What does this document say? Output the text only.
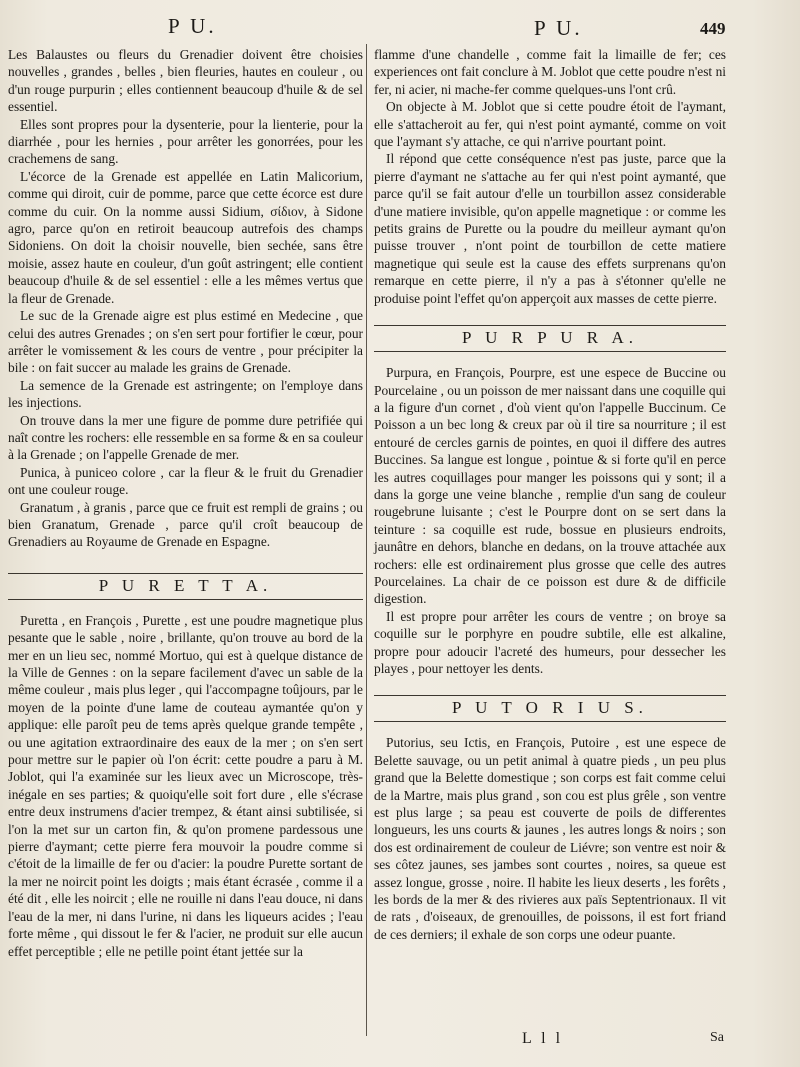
P U.	P U.	449

Les Balaustes ou fleurs du Grenadier doivent être choisies nouvelles , grandes , belles , bien fleuries, hautes en couleur , ou d'un rouge purpurin ; elles contiennent beaucoup d'huile & de sel essentiel.

Elles sont propres pour la dysenterie, pour la lienterie, pour la diarrhée , pour les hernies , pour arrêter les gonorrées, pour les crachemens de sang.

L'écorce de la Grenade est appellée en Latin Malicorium, comme qui diroit, cuir de pomme, parce que cette écorce est dure comme du cuir. On la nomme aussi Sidium, σίδιον, à Sidone agro, parce qu'on en retiroit beaucoup autrefois des champs Sidoniens. On doit la choisir nouvelle, bien sechée, sans être moisie, assez haute en couleur, d'un goût astringent; elle contient beaucoup d'huile & de sel essentiel : elle a les mêmes vertus que la fleur de Grenade.

Le suc de la Grenade aigre est plus estimé en Medecine , que celui des autres Grenades ; on s'en sert pour fortifier le cœur, pour arrêter le vomissement & les cours de ventre , pour précipiter la bile : on fait succer au malade les grains de Grenade.

La semence de la Grenade est astringente; on l'employe dans les injections.

On trouve dans la mer une figure de pomme dure petrifiée qui naît contre les rochers: elle ressemble en sa forme & en sa couleur à la Grenade ; on l'appelle Grenade de mer.

Punica, à puniceo colore , car la fleur & le fruit du Grenadier ont une couleur rouge.

Granatum , à granis , parce que ce fruit est rempli de grains ; ou bien Granatum, Grenade , parce qu'il croît beaucoup de Grenadiers au Royaume de Grenade en Espagne.

P U R E T T A.

Puretta , en François , Purette , est une poudre magnetique plus pesante que le sable , noire , brillante, qu'on trouve au bord de la mer en un lieu sec, nommé Mortuo, qui est à quelque distance de la Ville de Gennes : on la separe facilement d'avec un sable de la même couleur , mais plus leger , qui l'accompagne toûjours, par le moyen de la pointe d'une lame de couteau aymantée qu'on y applique: elle paroît peu de tems après quelque grande tempête , ou une agitation extraordinaire des eaux de la mer ; on s'en sert pour mettre sur le papier où l'on écrit: cette poudre a paru à M. Joblot, qui l'a examinée sur les lieux avec un Microscope, très-inégale en ses parties; & quoiqu'elle soit fort dure , elle s'écrase entre deux instrumens d'acier trempez, & étant ainsi subtilisée, si l'on la met sur un carton fin, & qu'on promene pardessous une pierre d'aymant; cette pierre fera mouvoir la poudre comme si c'étoit de la limaille de fer ou d'acier: la poudre Purette sortant de la mer ne noircit point les doigts ; mais étant écrasée , comme il a été dit , elle les noircit ; elle ne rouille ni dans l'eau douce, ni dans l'eau de la mer, ni dans l'urine, ni dans les liqueurs acides ; l'eau forte même , qui dissout le fer & l'acier, ne produit sur elle aucun effet perceptible ; elle ne petille point étant jettée sur la

flamme d'une chandelle , comme fait la limaille de fer; ces experiences ont fait conclure à M. Joblot que cette poudre n'est ni fer, ni acier, ni mache-fer comme quelques-uns l'ont crû.

On objecte à M. Joblot que si cette poudre étoit de l'aymant, elle s'attacheroit au fer, qui n'est point aymanté, comme on voit que l'aymant s'y attache, ce qui n'arrive pourtant point.

Il répond que cette conséquence n'est pas juste, parce que la pierre d'aymant ne s'attache au fer qui n'est point aymanté, que parce qu'il se fait autour d'elle un tourbillon assez considerable d'une matiere invisible, qu'on appelle magnetique : or comme les petits grains de Purette ou la poudre du meilleur aymant qu'on puisse trouver , n'ont point de tourbillon de cette matiere magnetique qui seule est la cause des effets surprenans qu'on remarque en cette pierre, il n'y a pas à s'étonner qu'elle ne produise point l'effet qu'on apperçoit aux masses de cette pierre.

P U R P U R A.

Purpura, en François, Pourpre, est une espece de Buccine ou Pourcelaine , ou un poisson de mer naissant dans une coquille qui a la figure d'un cornet , d'où vient qu'on l'appelle Buccinum. Ce Poisson a un bec long & creux par où il tire sa nourriture ; il est entouré de cercles garnis de pointes, en quoi il differe des autres Buccines. Sa langue est longue , pointue & si forte qu'il en perce les autres coquillages pour manger les poissons qui y sont; il a dans la gorge une veine blanche , remplie d'un sang de couleur rougebrune luisante ; c'est le Pourpre dont on se sert dans la teinture : sa coquille est rude, bossue en plusieurs endroits, jaunâtre en dehors, blanche en dedans, on la trouve attachée aux rochers: elle est ordinairement plus grosse que celle des autres Pourcelaines. La chair de ce poisson est dure & de difficile digestion.

Il est propre pour arrêter les cours de ventre ; on broye sa coquille sur le porphyre en poudre subtile, elle est alkaline, propre pour adoucir l'acreté des humeurs, pour dessecher les playes , pour nettoyer les dents.

P U T O R I U S.

Putorius, seu Ictis, en François, Putoire , est une espece de Belette sauvage, ou un petit animal à quatre pieds , un peu plus grand que la Belette domestique ; son corps est fait comme celui de la Martre, mais plus grand , son cou est plus grêle , son ventre est plus large ; sa peau est couverte de poils de differentes longueurs, les uns courts & jaunes , les autres longs & noirs ; son dos est ordinairement de couleur de Liévre; son ventre est noir & ses côtez jaunes, ses jambes sont courtes , noires, sa queue est assez longue, grosse , noire. Il habite les lieux deserts , les forêts , les bords de la mer & des rivieres aux païs Septentrionaux. Il vit de rats , d'oiseaux, de grenouilles, de poissons, il est fort friand de ces derniers; il exhale de son corps une odeur puante.

L l l	Sa
